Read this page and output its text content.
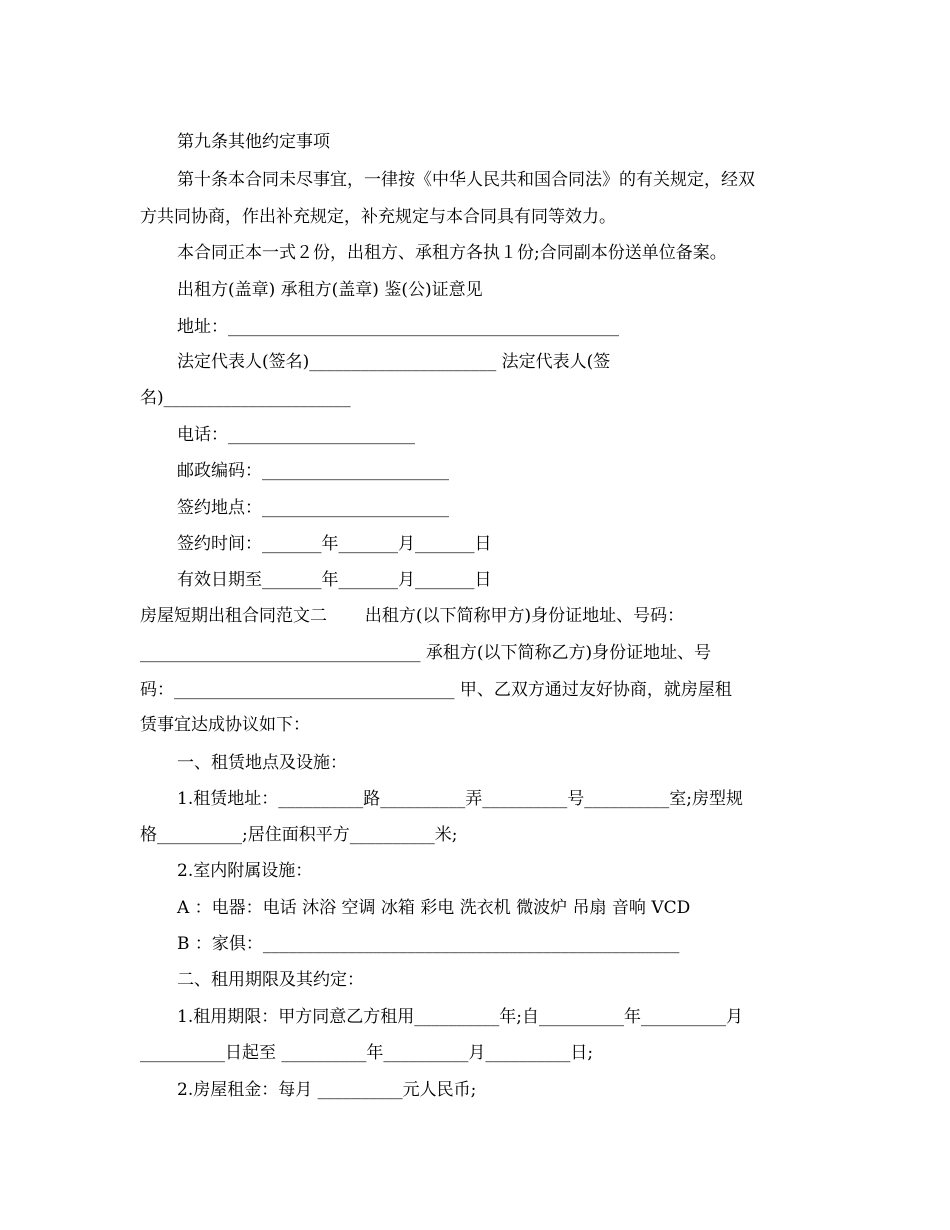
第九条其他约定事项
第十条本合同未尽事宜，一律按《中华人民共和国合同法》的有关规定，经双
方共同协商，作出补充规定，补充规定与本合同具有同等效力。
本合同正本一式２份，出租方、承租方各执１份;合同副本份送单位备案。
出租方(盖章) 承租方(盖章) 鉴(公)证意见
地址：______________________________________________
法定代表人(签名)______________________ 法定代表人(签
名)______________________
电话：______________________
邮政编码：______________________
签约地点：______________________
签约时间：_______年_______月_______日
有效日期至_______年_______月_______日
房屋短期出租合同范文二       出租方(以下简称甲方)身份证地址、号码：
_________________________________ 承租方(以下简称乙方)身份证地址、号
码：_________________________________ 甲、乙双方通过友好协商，就房屋租
赁事宜达成协议如下：
一、租赁地点及设施：
1.租赁地址：__________路__________弄__________号__________室;房型规
格__________;居住面积平方__________米;
2.室内附属设施：
A ：电器：电话 沐浴 空调 冰箱 彩电 洗衣机 微波炉 吊扇 音响 VCD
B ：家俱：_________________________________________________
二、租用期限及其约定：
1.租用期限：甲方同意乙方租用__________年;自__________年__________月
__________日起至 __________年__________月__________日;
2.房屋租金：每月 __________元人民币;
